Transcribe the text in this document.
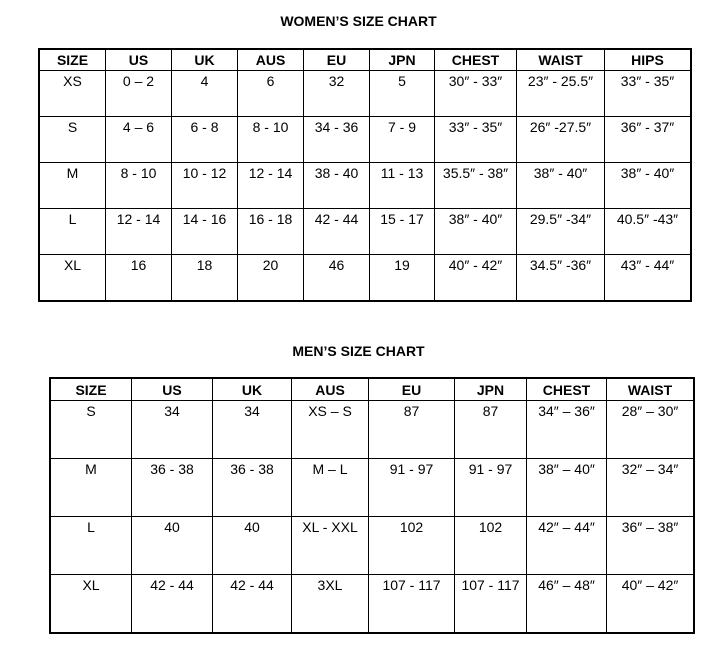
WOMEN’S SIZE CHART
SIZE	US	UK	AUS	EU	JPN	CHEST	WAIST	HIPS
XS	0 – 2	4	6	32	5	30″ - 33″	23″ - 25.5″	33″ - 35″
S	4 – 6	6 - 8	8 - 10	34 - 36	7 - 9	33″ - 35″	26″ -27.5″	36″ - 37″
M	8 - 10	10 - 12	12 - 14	38 - 40	11 - 13	35.5″ - 38″	38″ - 40″	38″ - 40″
L	12 - 14	14 - 16	16 - 18	42 - 44	15 - 17	38″ - 40″	29.5″ -34″	40.5″ -43″
XL	16	18	20	46	19	40″ - 42″	34.5″ -36″	43″ - 44″
MEN’S SIZE CHART
SIZE	US	UK	AUS	EU	JPN	CHEST	WAIST
S	34	34	XS – S	87	87	34″ – 36″	28″ – 30″
M	36 - 38	36 - 38	M – L	91 - 97	91 - 97	38″ – 40″	32″ – 34″
L	40	40	XL - XXL	102	102	42″ – 44″	36″ – 38″
XL	42 - 44	42 - 44	3XL	107 - 117	107 - 117	46″ – 48″	40″ – 42″
